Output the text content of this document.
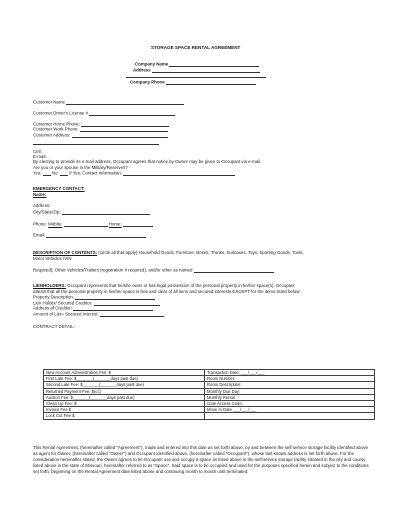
STORAGE SPACE RENTAL AGREEMENT
Company Name
Address
Company Phone
Customer Name
Customer Driver's License #
Customer Home Phone:
Customer Work Phone:
Customer Address:
Cell:
E-mail:
By electing to provide its e-mail address, Occupant agrees that notice by Owner may be given to Occupant via e-mail.
Are you or your spouse in the Military/Reserves?
Yes: No: If Yes, Contact Information:
EMERGENCY CONTACT:
Name:
Address:
City/State/Zip:
Phone: Mobile:	Home:
Email:
DESCRIPTION OF CONTENTS: (circle all that apply) Household Goods, Furniture, Boxes, Trunks, Suitcases, Toys, Sporting Goods, Tools,
Motor Vehicles /VIN
Required), Other Vehicles/Trailers (registration # required), and/or other as named
LIENHOLDERS: Occupant represents that he/she owns or has legal possession of the personal property in he/her space(s). Occupant
attests that all the personal property in his/her space is free and clear of all liens and secured interests EXCEPT for the items listed below:
Property Description:
Lien Holder/ Secured Creditor:
Address of Creditor:
Amount of Lien- Secured Interest:
CONTRACT DETAIL:
New Account Administration Fee: $	Transaction Date: ___/___/___
First Late Fee: $_______(_______days past due)	Room Number:
Second Late Fee: $_______(_______days past due)	Room Description:
Returned Payment Fee: $(cc)	Monthly Due Day:
Auction Fee: $_______(_______days past due)	Monthly Rental:
Clean Up Fee: $	Gate Access Code:
Invoice Fee $	Move In Date ___/___/___
Lock Cut Fee $	
This Rental Agreement, (hereinafter called "Agreement"), made and entered into this date as set forth above, by and between the self service storage facility identified above as agent for Owner, (hereinafter called "Owner") and Occupant identified above, (hereinafter called "Occupant"), whose last known address is set forth above. For the consideration hereinafter stated, the Owner agrees to let Occupant use and occupy a space as listed above in the self-service storage facility situated in the city and county listed above in the state of Missouri, hereinafter referred to as "Space". Said space is to be occupied and used for the purposes specified herein and subject to the conditions set forth, beginning on the Rental Agreement date listed above and continuing month to month until terminated.
